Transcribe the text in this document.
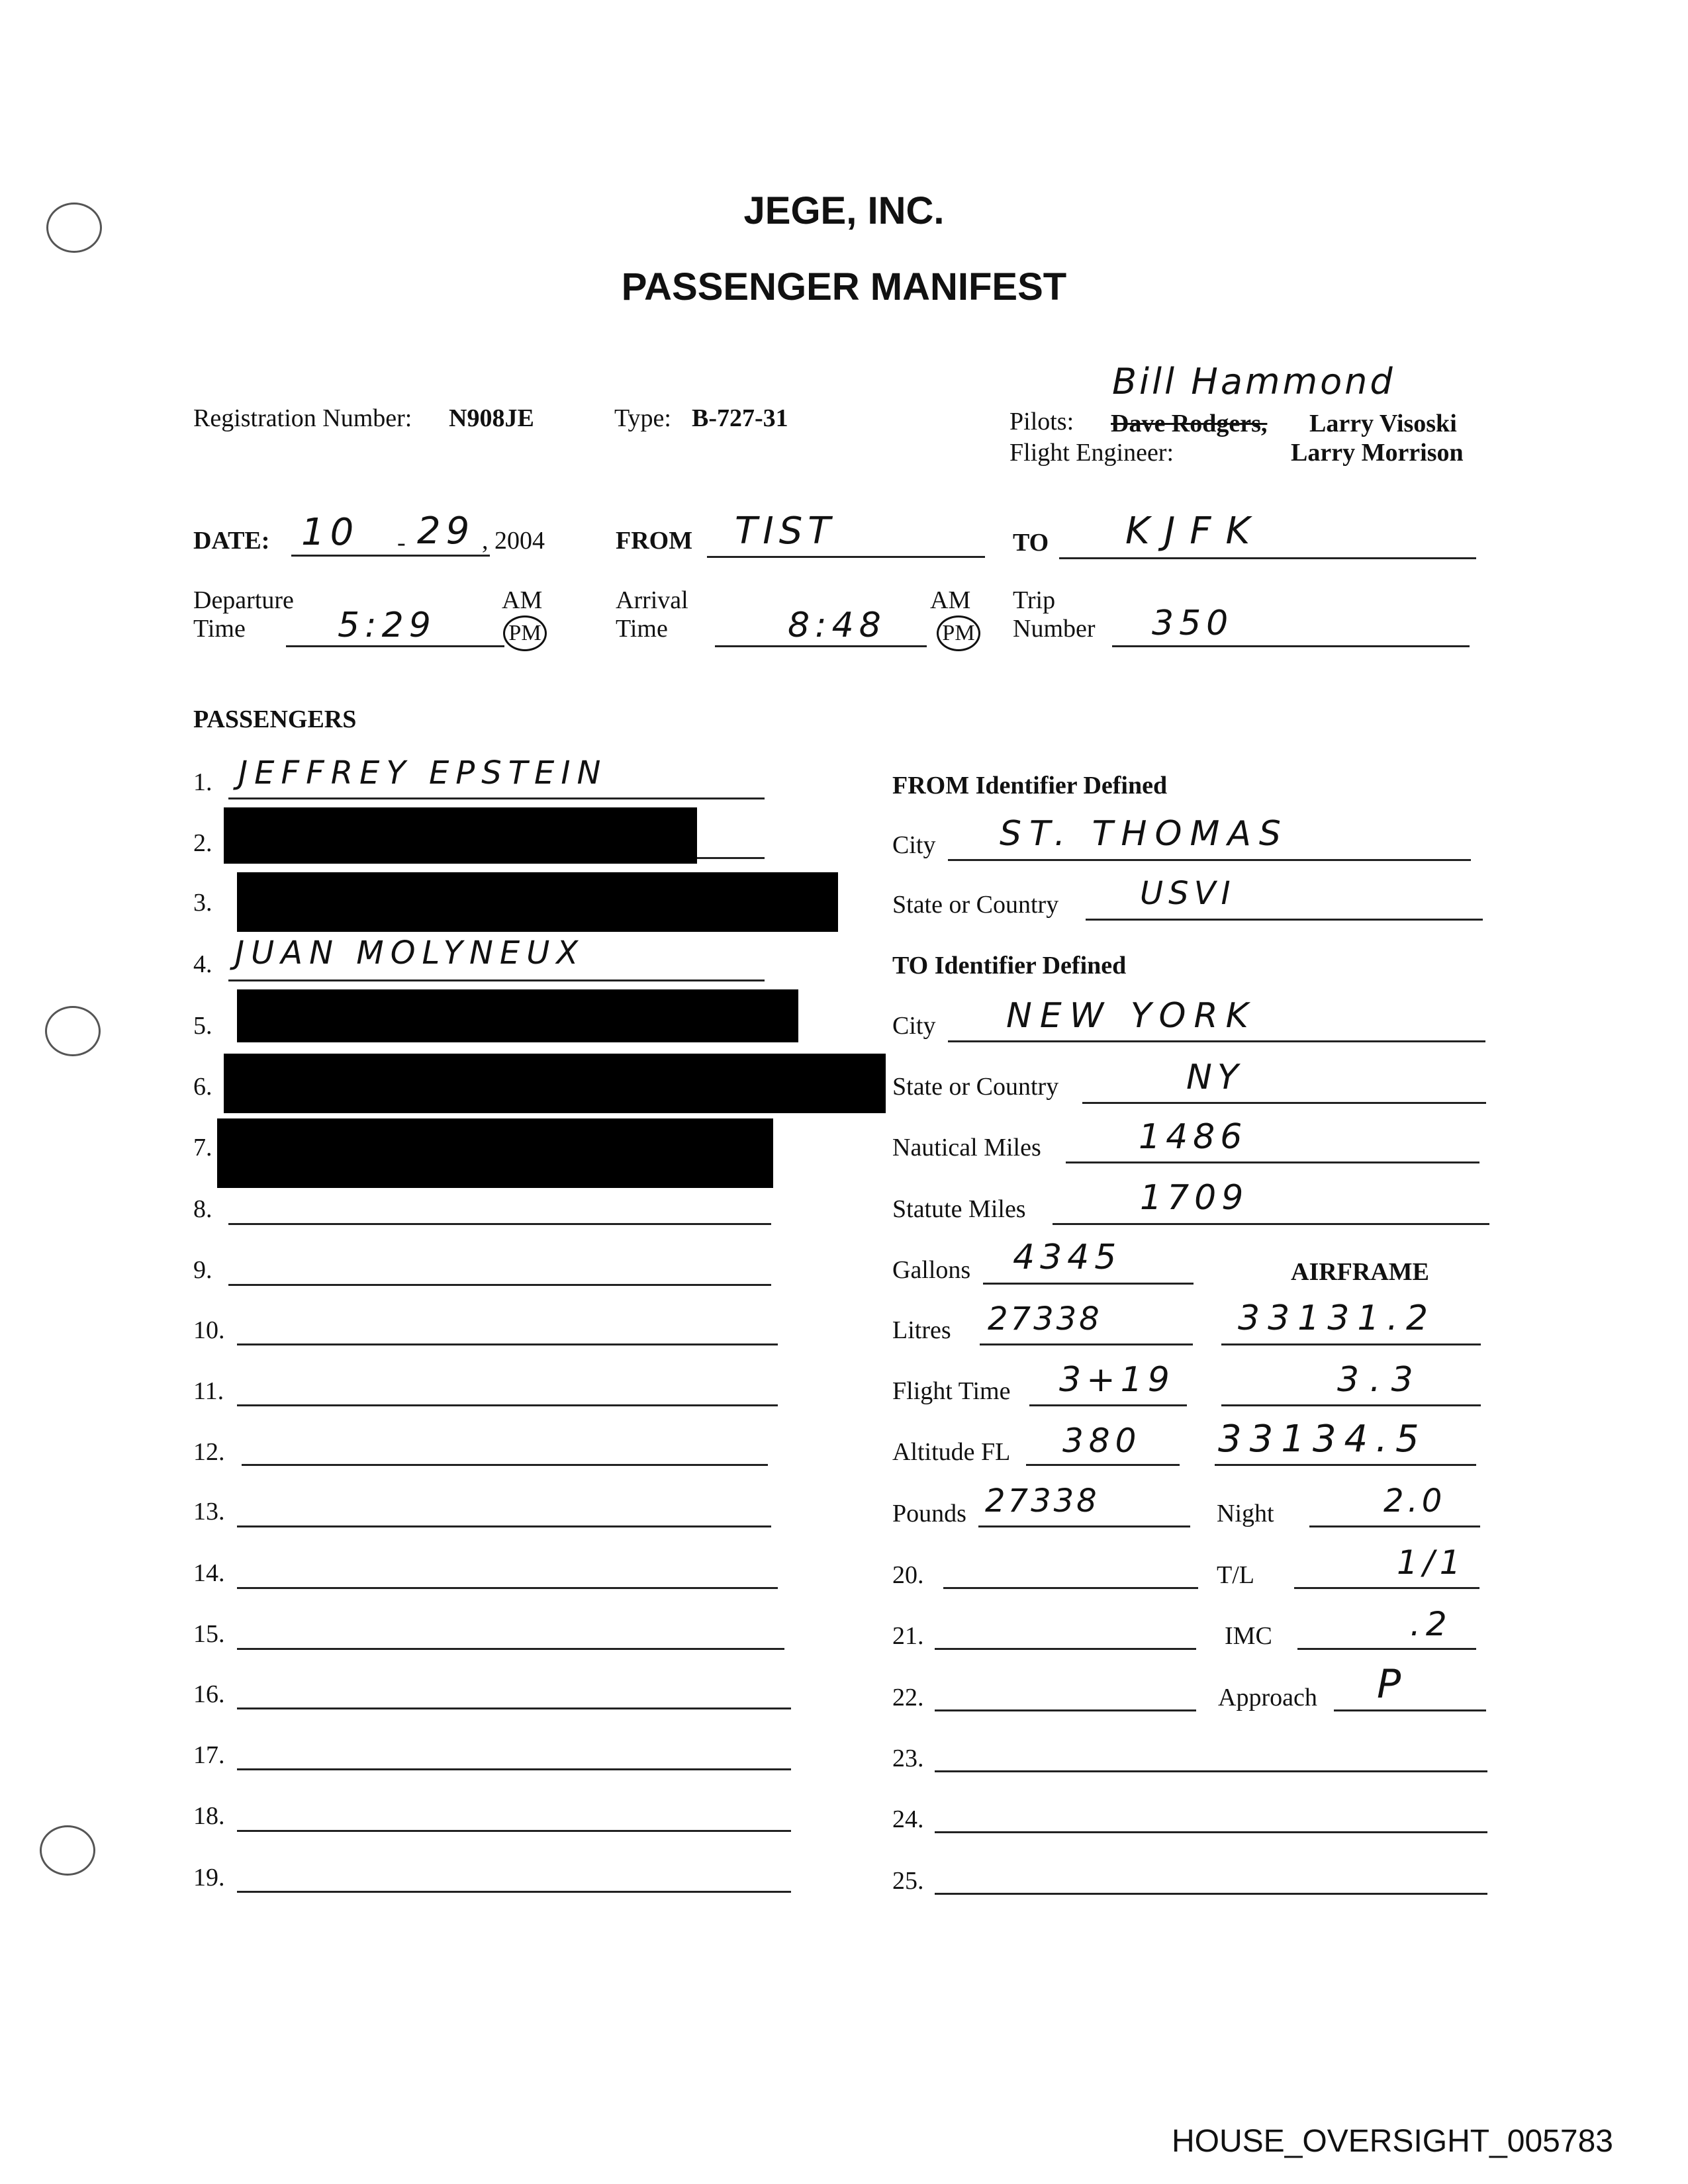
JEGE, INC.
PASSENGER MANIFEST
Registration Number: N908JE	Type: B-727-31	Pilots:
Bill Hammond
Dave Rodgers, Larry Visoski
Flight Engineer:	Larry Morrison
DATE: 10 - 29 , 2004	FROM TIST	TO KJFK
Departure
Time	5:29
AM
PM
Arrival
Time	8:48
AM
PM
Trip
Number 350
PASSENGERS
1. JEFFREY EPSTEIN
2.
3.
4. JUAN MOLYNEUX
5.
6.
7.
8.
9.
10.
11.
12.
13.
14.
15.
16.
17.
18.
19.
FROM Identifier Defined
City ST. THOMAS
State or Country	USVI
TO Identifier Defined
City NEW YORK
State or Country	NY
Nautical Miles	1486
Statute Miles	1709
Gallons 4345	AIRFRAME
Litres 27338	33131.2
Flight Time 3+19	3.3
Altitude FL 380 33134.5
Pounds 27338	Night	2.0
20.	T/L	1/1
21.	IMC	.2
22.	Approach P
23.
24.
25.
HOUSE_OVERSIGHT_005783
